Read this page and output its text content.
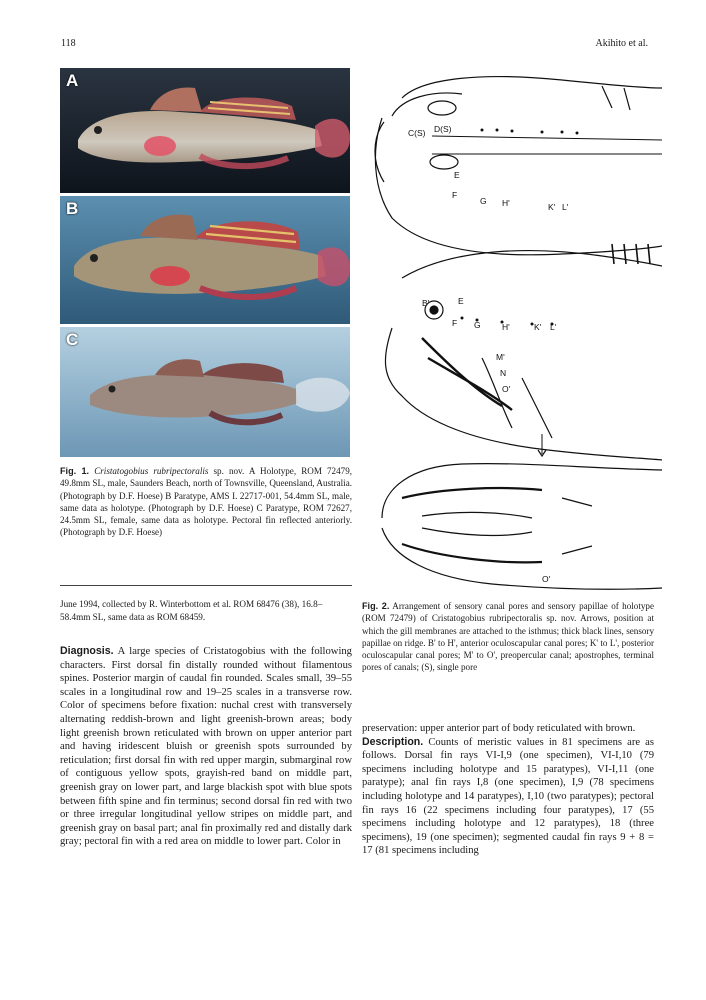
118	Akihito et al.
A
B
C
Fig. 1. Cristatogobius rubripectoralis sp. nov. A Holotype, ROM 72479, 49.8mm SL, male, Saunders Beach, north of Townsville, Queensland, Australia. (Photograph by D.F. Hoese) B Paratype, AMS I. 22717-001, 54.4mm SL, male, same data as holotype. (Photograph by D.F. Hoese) C Paratype, ROM 72627, 24.5mm SL, female, same data as holotype. Pectoral fin reflected anteriorly. (Photograph by D.F. Hoese)
June 1994, collected by R. Winterbottom et al. ROM 68476 (38), 16.8–58.4mm SL, same data as ROM 68459.
Diagnosis. A large species of Cristatogobius with the following characters. First dorsal fin distally rounded without filamentous spines. Posterior margin of caudal fin rounded. Scales small, 39–55 scales in a longitudinal row and 19–25 scales in a transverse row. Color of specimens before fixation: nuchal crest with transversely alternating reddish-brown and light greenish-brown areas; body light greenish brown reticulated with brown on upper anterior part and having iridescent bluish or greenish spots surrounded by reticulation; first dorsal fin with red upper margin, submarginal row of contiguous yellow spots, grayish-red band on middle part, greenish gray on lower part, and large blackish spot with blue spots between fifth spine and fin terminus; second dorsal fin red with two or three irregular longitudinal yellow stripes on middle part, and greenish gray on basal part; anal fin proximally red and distally dark gray; pectoral fin with a red area on middle to lower part. Color in
C(S) D(S)
E
F
G H'	K' L'
B'	E
F G	H'	K' L'
M'
N
O'
O'
Fig. 2. Arrangement of sensory canal pores and sensory papillae of holotype (ROM 72479) of Cristatogobius rubripectoralis sp. nov. Arrows, position at which the gill membranes are attached to the isthmus; thick black lines, sensory papillae on ridge. B' to H', anterior oculoscapular canal pores; K' to L', posterior oculoscapular canal pores; M' to O', preopercular canal; apostrophes, terminal pores of canals; (S), single pore
preservation: upper anterior part of body reticulated with brown.
Description. Counts of meristic values in 81 specimens are as follows. Dorsal fin rays VI-I,9 (one specimen), VI-I,10 (79 specimens including holotype and 15 paratypes), VI-I,11 (one paratype); anal fin rays I,8 (one specimen), I,9 (78 specimens including holotype and 14 paratypes), I,10 (two paratypes); pectoral fin rays 16 (22 specimens including four paratypes), 17 (55 specimens including holotype and 12 paratypes), 18 (three specimens), 19 (one specimen); segmented caudal fin rays 9 + 8 = 17 (81 specimens including
